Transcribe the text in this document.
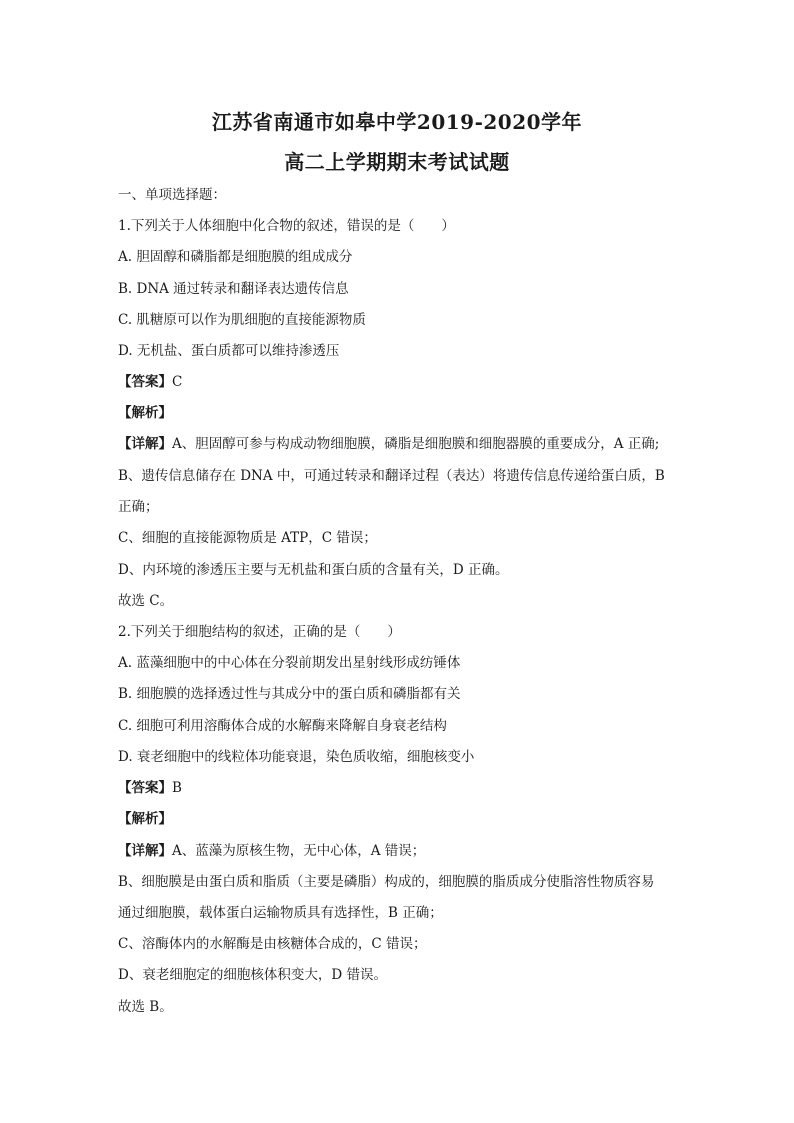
江苏省南通市如皋中学2019-2020学年
高二上学期期末考试试题
一、单项选择题：
1.下列关于人体细胞中化合物的叙述，错误的是（　　）
A. 胆固醇和磷脂都是细胞膜的组成成分
B. DNA 通过转录和翻译表达遗传信息
C. 肌糖原可以作为肌细胞的直接能源物质
D. 无机盐、蛋白质都可以维持渗透压
【答案】C
【解析】
【详解】A、胆固醇可参与构成动物细胞膜，磷脂是细胞膜和细胞器膜的重要成分，A 正确;
B、遗传信息储存在 DNA 中，可通过转录和翻译过程（表达）将遗传信息传递给蛋白质，B
正确；
C、细胞的直接能源物质是 ATP，C 错误；
D、内环境的渗透压主要与无机盐和蛋白质的含量有关，D 正确。
故选 C。
2.下列关于细胞结构的叙述，正确的是（　　）
A. 蓝藻细胞中的中心体在分裂前期发出星射线形成纺锤体
B. 细胞膜的选择透过性与其成分中的蛋白质和磷脂都有关
C. 细胞可利用溶酶体合成的水解酶来降解自身衰老结构
D. 衰老细胞中的线粒体功能衰退，染色质收缩，细胞核变小
【答案】B
【解析】
【详解】A、蓝藻为原核生物，无中心体，A 错误；
B、细胞膜是由蛋白质和脂质（主要是磷脂）构成的，细胞膜的脂质成分使脂溶性物质容易
通过细胞膜，载体蛋白运输物质具有选择性，B 正确；
C、溶酶体内的水解酶是由核糖体合成的，C 错误；
D、衰老细胞定的细胞核体积变大，D 错误。
故选 B。
